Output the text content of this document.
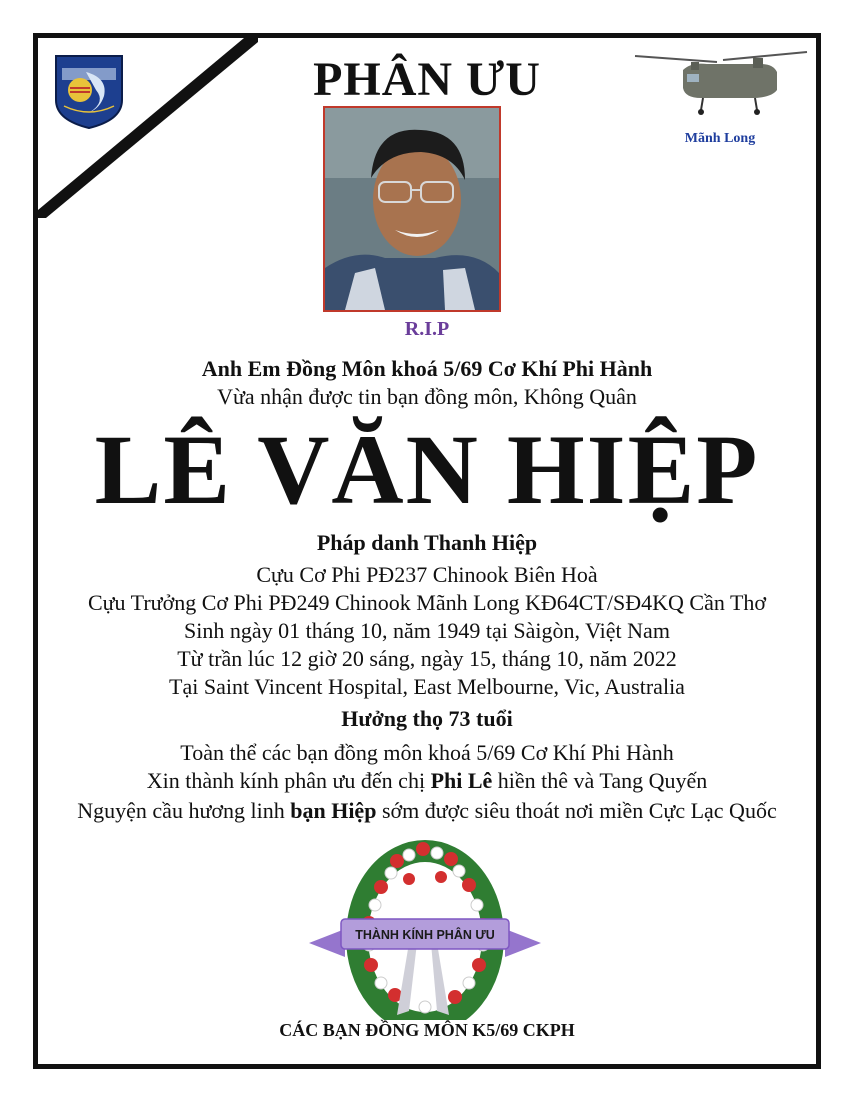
PHÂN ƯU
Mãnh Long
R.I.P
Anh Em Đồng Môn khoá 5/69 Cơ Khí Phi Hành
Vừa nhận được tin bạn đồng môn, Không Quân
LÊ VĂN HIỆP
Pháp danh Thanh Hiệp
Cựu Cơ Phi PĐ237 Chinook Biên Hoà
Cựu Trưởng Cơ Phi PĐ249 Chinook Mãnh Long KĐ64CT/SĐ4KQ Cần Thơ
Sinh ngày 01 tháng 10, năm 1949 tại Sàigòn, Việt Nam
Từ trần lúc 12 giờ 20 sáng, ngày 15, tháng 10, năm 2022
Tại Saint Vincent Hospital, East Melbourne, Vic, Australia
Hưởng thọ 73 tuổi
Toàn thể các bạn đồng môn khoá 5/69 Cơ Khí Phi Hành
Xin thành kính phân ưu đến chị Phi Lê hiền thê và Tang Quyến
Nguyện cầu hương linh bạn Hiệp sớm được siêu thoát nơi miền Cực Lạc Quốc
THÀNH KÍNH PHÂN ƯU
CÁC BẠN ĐỒNG MÔN K5/69 CKPH
